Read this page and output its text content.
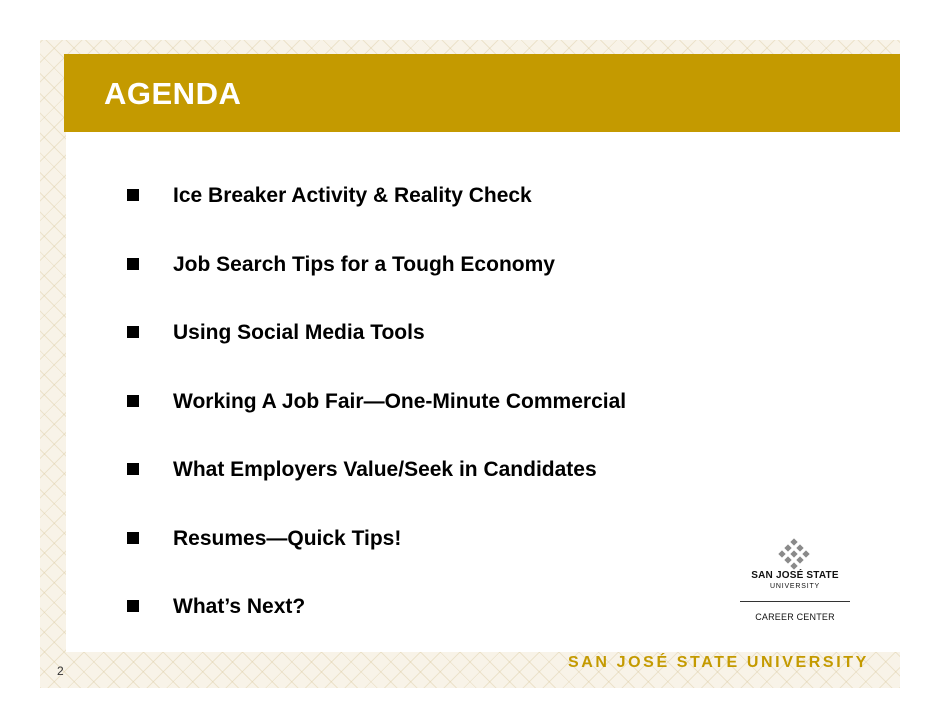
AGENDA
Ice Breaker Activity & Reality Check
Job Search Tips for a Tough Economy
Using Social Media Tools
Working A Job Fair—One-Minute Commercial
What Employers Value/Seek in Candidates
Resumes—Quick Tips!
What’s Next?
SAN JOSÉ STATE
UNIVERSITY
CAREER CENTER
2	SAN JOSÉ STATE UNIVERSITY
